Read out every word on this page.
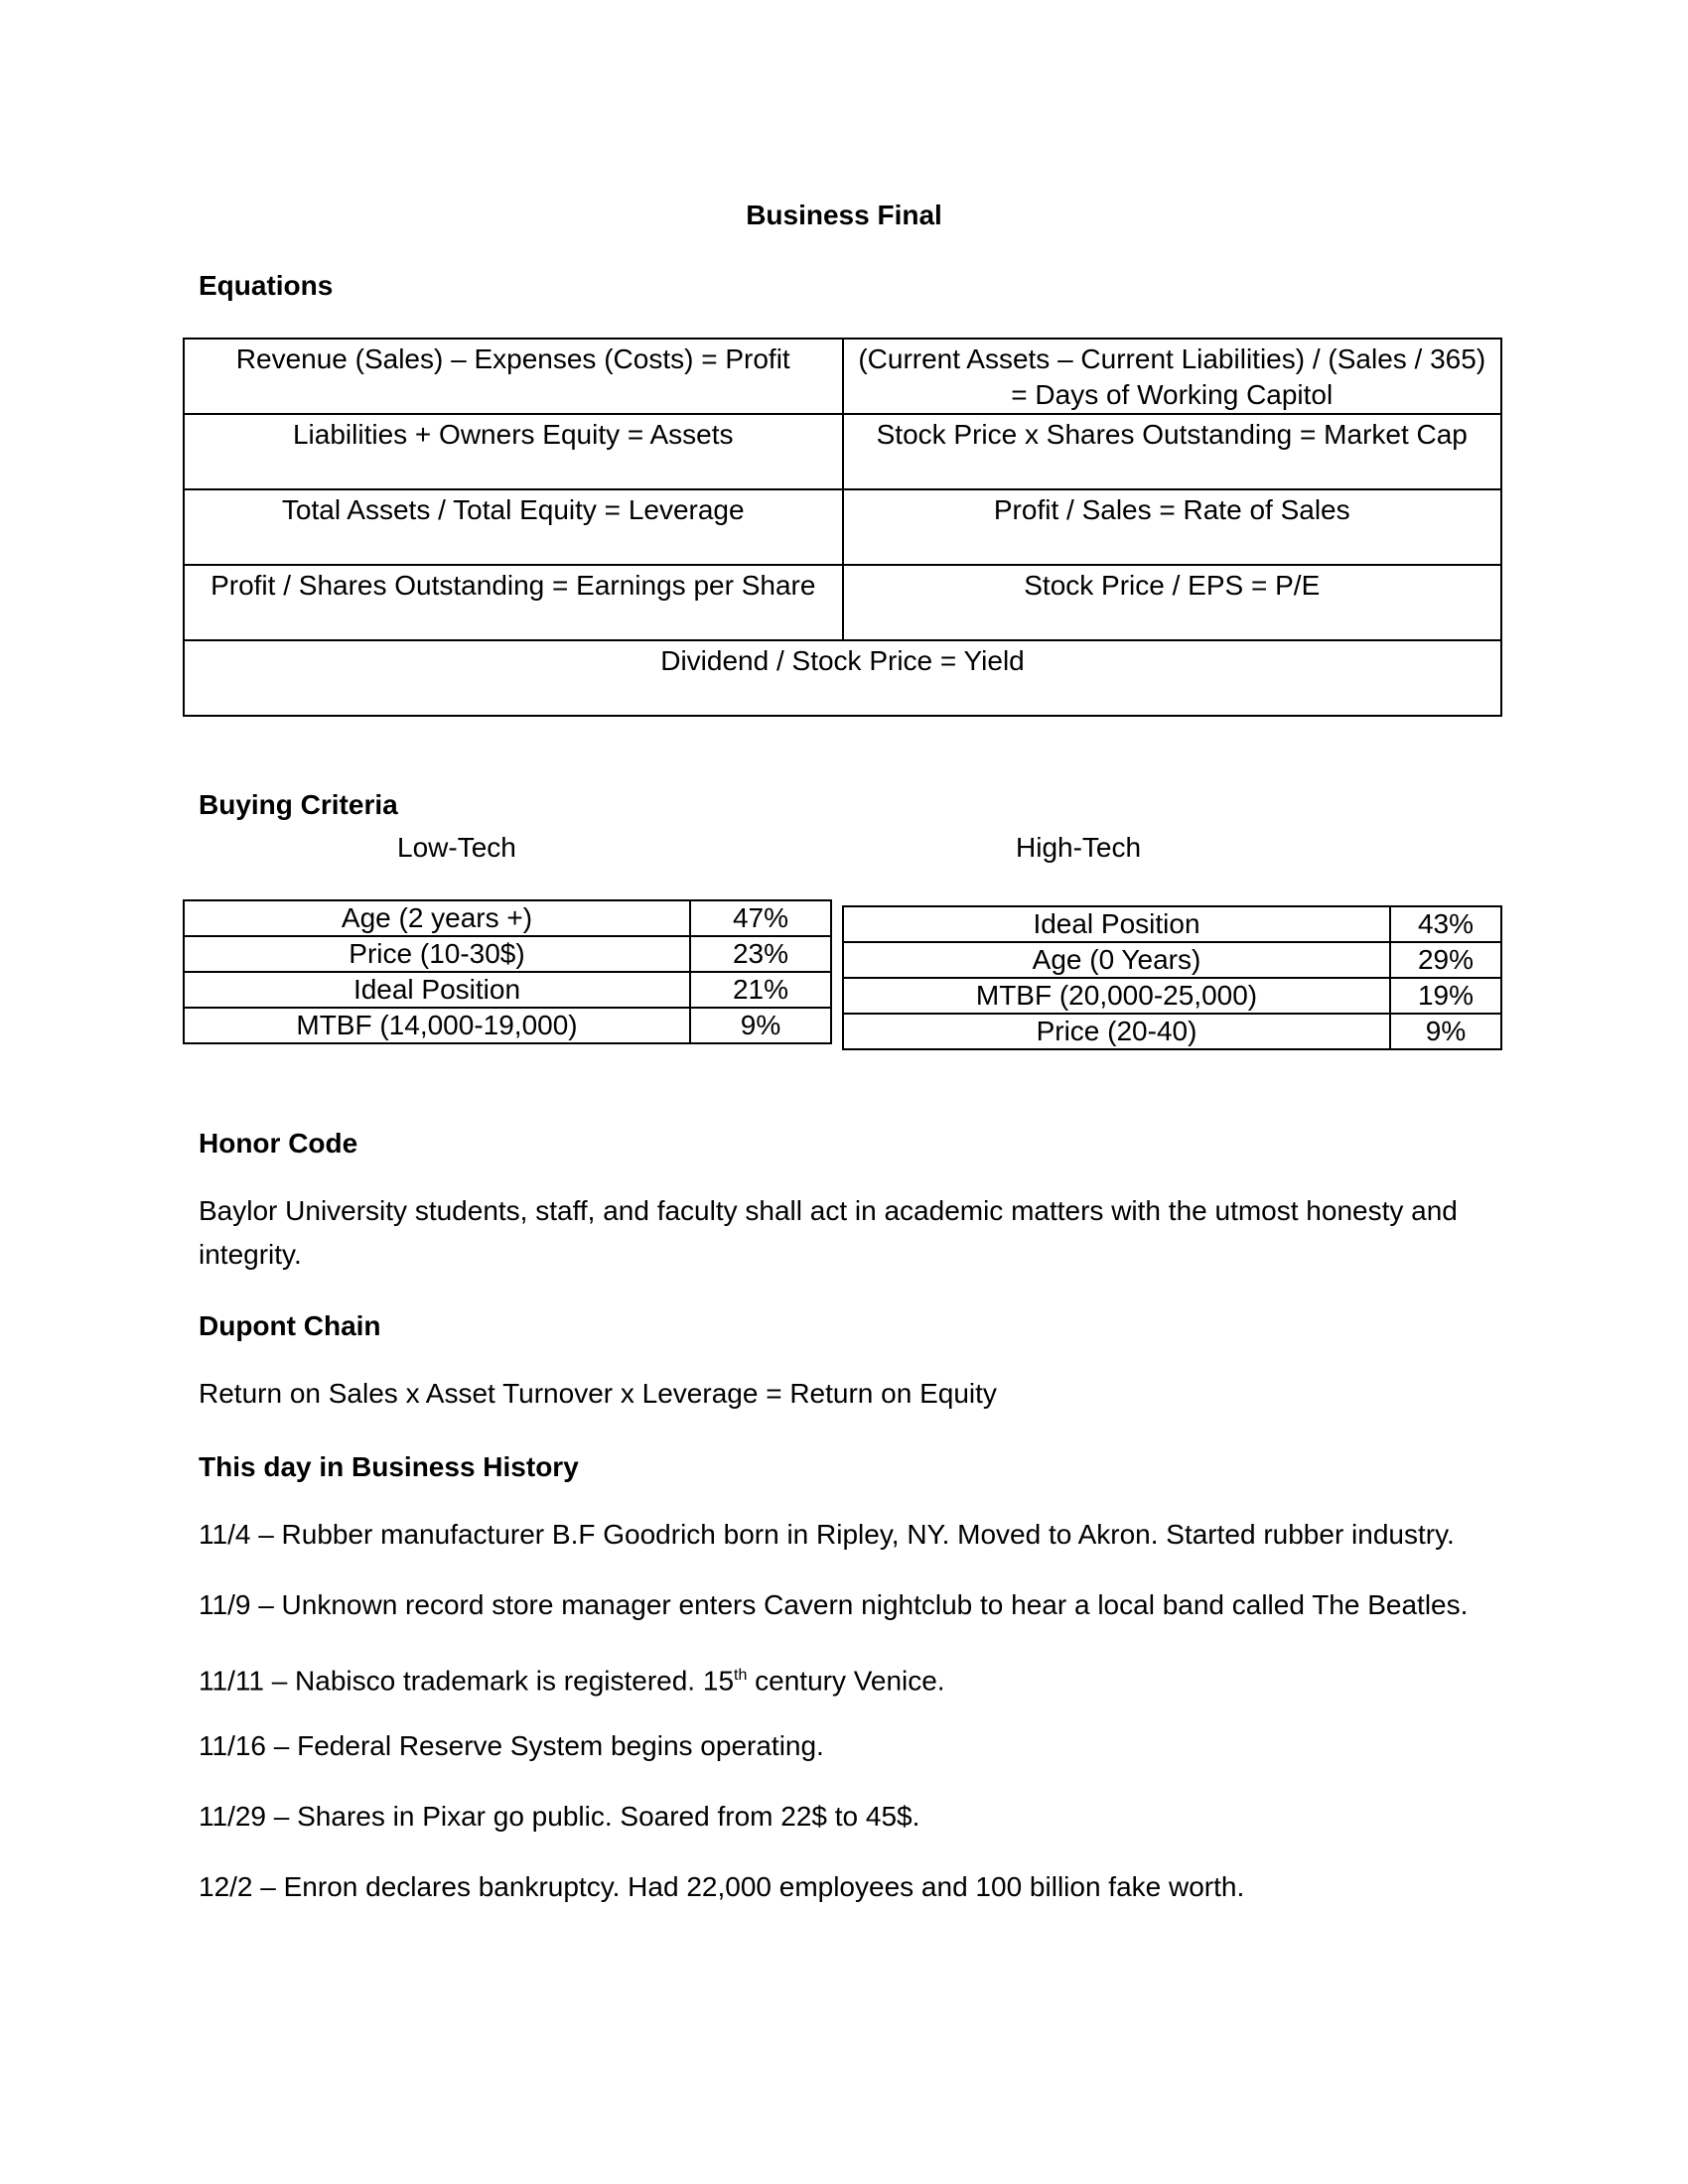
Business Final
Equations
Revenue (Sales) – Expenses (Costs) = Profit	(Current Assets – Current Liabilities) / (Sales / 365) = Days of Working Capitol
Liabilities + Owners Equity = Assets	Stock Price x Shares Outstanding = Market Cap
Total Assets / Total Equity = Leverage	Profit / Sales = Rate of Sales
Profit / Shares Outstanding = Earnings per Share	Stock Price / EPS = P/E
Dividend / Stock Price = Yield	
Buying Criteria
Low-Tech	High-Tech
Age (2 years +)	47%
Price (10-30$)	23%
Ideal Position	21%
MTBF (14,000-19,000)	9%
Ideal Position	43%
Age (0 Years)	29%
MTBF (20,000-25,000)	19%
Price (20-40)	9%
Honor Code
Baylor University students, staff, and faculty shall act in academic matters with the utmost honesty and integrity.
Dupont Chain
Return on Sales x Asset Turnover x Leverage = Return on Equity
This day in Business History
11/4 – Rubber manufacturer B.F Goodrich born in Ripley, NY. Moved to Akron. Started rubber industry.
11/9 – Unknown record store manager enters Cavern nightclub to hear a local band called The Beatles.
11/11 – Nabisco trademark is registered. 15th century Venice.
11/16 – Federal Reserve System begins operating.
11/29 – Shares in Pixar go public. Soared from 22$ to 45$.
12/2 – Enron declares bankruptcy. Had 22,000 employees and 100 billion fake worth.
